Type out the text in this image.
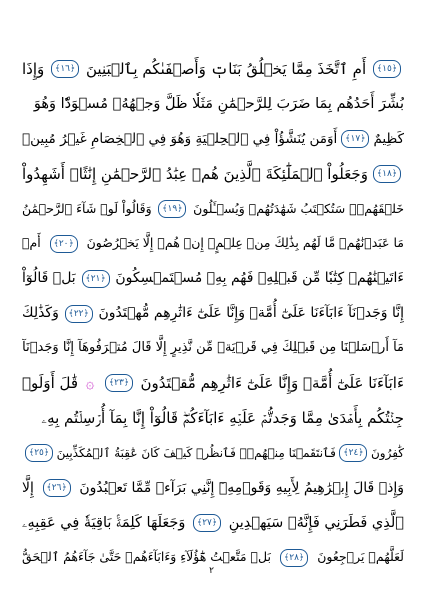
﴿١٥﴾
أَمِ ٱتَّخَذَ مِمَّا يَخۡلُقُ بَنَاتٖ وَأَصۡفَىٰكُم بِٱلۡبَنِينَ
﴿١٦﴾
وَإِذَا
بُشِّرَ أَحَدُهُم بِمَا ضَرَبَ لِلرَّحۡمَٰنِ مَثَلٗا ظَلَّ وَجۡهُهُۥ مُسۡوَدّٗا وَهُوَ
كَظِيمٌ
﴿١٧﴾
أَوَمَن يُنَشَّؤُاْ فِي ٱلۡحِلۡيَةِ وَهُوَ فِي ٱلۡخِصَامِ غَيۡرُ مُبِينٖ
﴿١٨﴾
وَجَعَلُواْ ٱلۡمَلَٰٓئِكَةَ ٱلَّذِينَ هُمۡ عِبَٰدُ ٱلرَّحۡمَٰنِ إِنَٰثًاۚ أَشَهِدُواْ
خَلۡقَهُمۡۚ سَتُكۡتَبُ شَهَٰدَتُهُمۡ وَيُسۡـَٔلُونَ
﴿١٩﴾
وَقَالُواْ لَوۡ شَآءَ ٱلرَّحۡمَٰنُ
مَا عَبَدۡنَٰهُمۗ مَّا لَهُم بِذَٰلِكَ مِنۡ عِلۡمٍۖ إِنۡ هُمۡ إِلَّا يَخۡرُصُونَ
﴿٢٠﴾
أَمۡ
ءَاتَيۡنَٰهُمۡ كِتَٰبٗا مِّن قَبۡلِهِۦ فَهُم بِهِۦ مُسۡتَمۡسِكُونَ
﴿٢١﴾
بَلۡ قَالُوٓاْ
إِنَّا وَجَدۡنَآ ءَابَآءَنَا عَلَىٰٓ أُمَّةٖ وَإِنَّا عَلَىٰٓ ءَاثَٰرِهِم مُّهۡتَدُونَ
﴿٢٢﴾
وَكَذَٰلِكَ
مَآ أَرۡسَلۡنَا مِن قَبۡلِكَ فِي قَرۡيَةٖ مِّن نَّذِيرٍ إِلَّا قَالَ مُتۡرَفُوهَآ إِنَّا وَجَدۡنَآ
ءَابَآءَنَا عَلَىٰٓ أُمَّةٖ وَإِنَّا عَلَىٰٓ ءَاثَٰرِهِم مُّقۡتَدُونَ
﴿٢٣﴾
۞
قَٰلَ أَوَلَوۡ
جِئۡتُكُم بِأَهۡدَىٰ مِمَّا وَجَدتُّمۡ عَلَيۡهِ ءَابَآءَكُمۡۖ قَالُوٓاْ إِنَّا بِمَآ أُرۡسِلۡتُم بِهِۦ
كَٰفِرُونَ
﴿٢٤﴾
فَٱنتَقَمۡنَا مِنۡهُمۡۖ فَٱنظُرۡ كَيۡفَ كَانَ عَٰقِبَةُ ٱلۡمُكَذِّبِينَ
﴿٢٥﴾
وَإِذۡ قَالَ إِبۡرَٰهِيمُ لِأَبِيهِ وَقَوۡمِهِۦٓ إِنَّنِي بَرَآءٞ مِّمَّا تَعۡبُدُونَ
﴿٢٦﴾
إِلَّا
ٱلَّذِي فَطَرَنِي فَإِنَّهُۥ سَيَهۡدِينِ
﴿٢٧﴾
وَجَعَلَهَا كَلِمَةَۢ بَاقِيَةٗ فِي عَقِبِهِۦ
لَعَلَّهُمۡ يَرۡجِعُونَ
﴿٢٨﴾
بَلۡ مَتَّعۡتُ هَٰٓؤُلَآءِ وَءَابَآءَهُمۡ حَتَّىٰ جَآءَهُمُ ٱلۡحَقُّ
٢
